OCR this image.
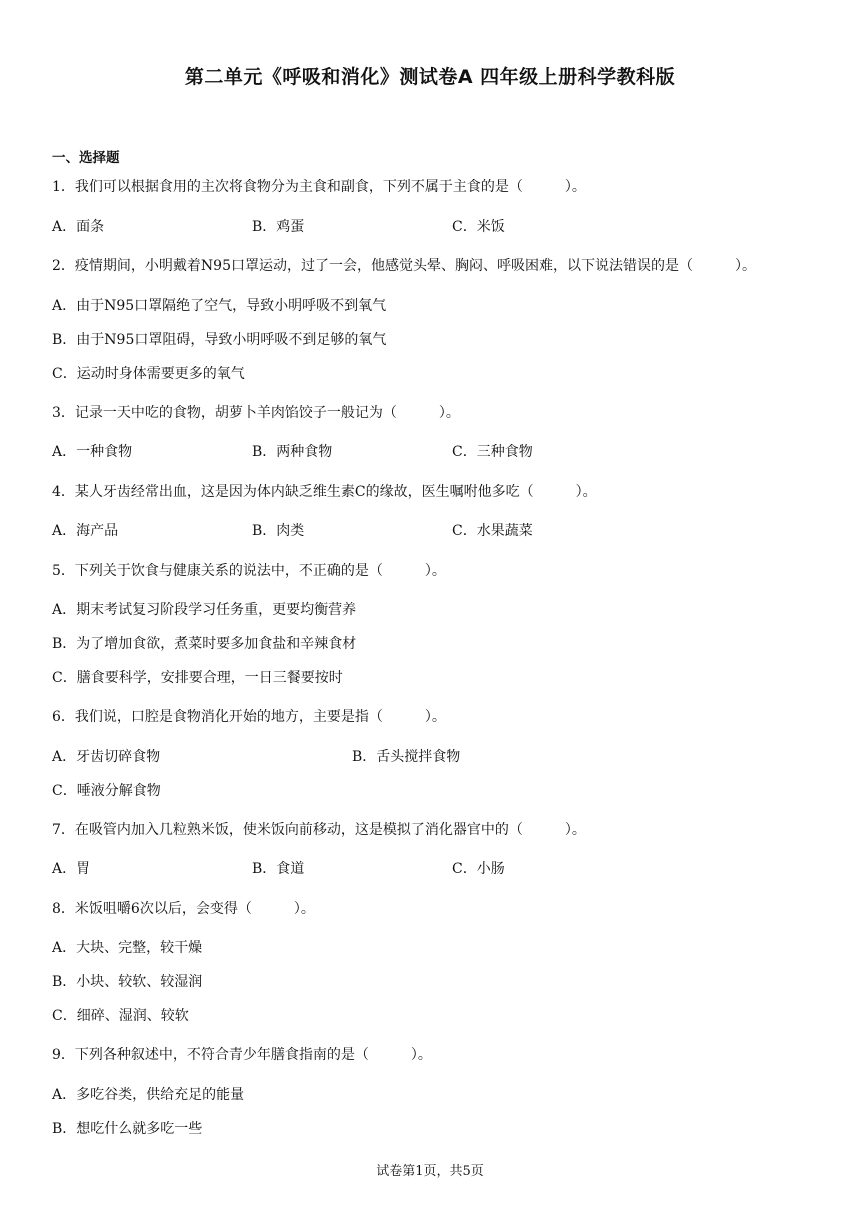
第二单元《呼吸和消化》测试卷A 四年级上册科学教科版
一、选择题
1．我们可以根据食用的主次将食物分为主食和副食，下列不属于主食的是（　　　）。
A．面条	B．鸡蛋	C．米饭
2．疫情期间，小明戴着N95口罩运动，过了一会，他感觉头晕、胸闷、呼吸困难，以下说法错误的是（　　　）。
A．由于N95口罩隔绝了空气，导致小明呼吸不到氧气
B．由于N95口罩阻碍，导致小明呼吸不到足够的氧气
C．运动时身体需要更多的氧气
3．记录一天中吃的食物，胡萝卜羊肉馅饺子一般记为（　　　）。
A．一种食物	B．两种食物	C．三种食物
4．某人牙齿经常出血，这是因为体内缺乏维生素C的缘故，医生嘱咐他多吃（　　　）。
A．海产品	B．肉类	C．水果蔬菜
5．下列关于饮食与健康关系的说法中，不正确的是（　　　）。
A．期末考试复习阶段学习任务重，更要均衡营养
B．为了增加食欲，煮菜时要多加食盐和辛辣食材
C．膳食要科学，安排要合理，一日三餐要按时
6．我们说，口腔是食物消化开始的地方，主要是指（　　　）。
A．牙齿切碎食物	B．舌头搅拌食物
C．唾液分解食物
7．在吸管内加入几粒熟米饭，使米饭向前移动，这是模拟了消化器官中的（　　　）。
A．胃	B．食道	C．小肠
8．米饭咀嚼6次以后，会变得（　　　）。
A．大块、完整，较干燥
B．小块、较软、较湿润
C．细碎、湿润、较软
9．下列各种叙述中，不符合青少年膳食指南的是（　　　）。
A．多吃谷类，供给充足的能量
B．想吃什么就多吃一些
试卷第1页，共5页
